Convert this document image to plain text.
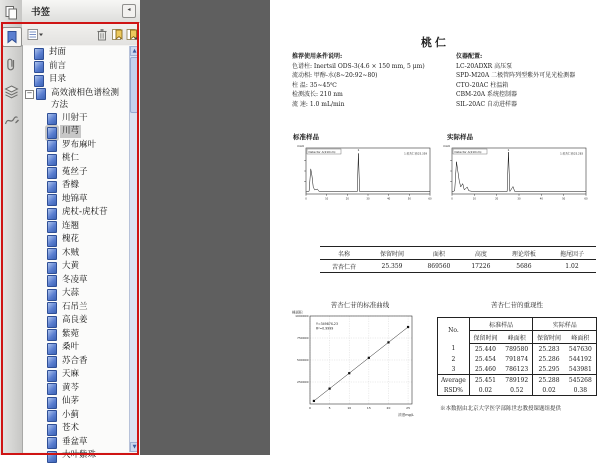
书签	◂
封面
前言
目录
− 高效液相色谱检测方法
川射干
川芎
罗布麻叶
桃仁
菟丝子
香橼
地锦草
虎杖-虎杖苷
连翘
槐花
木贼
大黄
冬凌草
大蒜
石吊兰
高良姜
紫菀
桑叶
苏合香
天麻
黄芩
仙茅
小蓟
苍术
垂盆草
大叶紫珠
▲
▼
桃仁
推荐使用条件说明:
色谱柱: Inertsil ODS-3(4.6 × 150 mm, 5 μm)
流动相: 甲醇-水(8~20:92~80)
柱 温: 35~45℃
检测波长: 210 nm
流 速: 1.0 mL/min
仪器配置:
LC-20ADXR 高压泵
SPD-M20A 二极管阵列型紫外可见光检测器
CTO-20AC 柱温箱
CBM-20A 系统控制器
SIL-20AC 自动进样器
标准样品	实际样品
mAU
Detector A(210nm)
1:苦杏仁苷/25.359
1
0	10	20	30	40	50	60
mAU
Detector A(210nm)
1:苦杏仁苷/25.283
1
0	10	20	30	40	50	60
名称	保留时间	面积	高度	理论塔板	拖尾因子
苦杏仁苷	25.359	869560	17226	5686	1.02
苦杏仁苷的标准曲线
峰面积
浓度mg/L
Y=34987X-23
R²=0.9999
250000
500000
750000
1000000
0	5	10	15	20	25
苦杏仁苷的重现性
No.	标准样品		实际样品	
	保留时间	峰面积	保留时间	峰面积
1	25.440	789580	25.283	547630
2	25.454	791874	25.286	544192
3	25.460	786123	25.295	543981
Average	25.451	789192	25.288	545268
RSD%	0.02	0.52	0.02	0.38
※本数据由北京大学医学部陈世忠教授课题组提供
